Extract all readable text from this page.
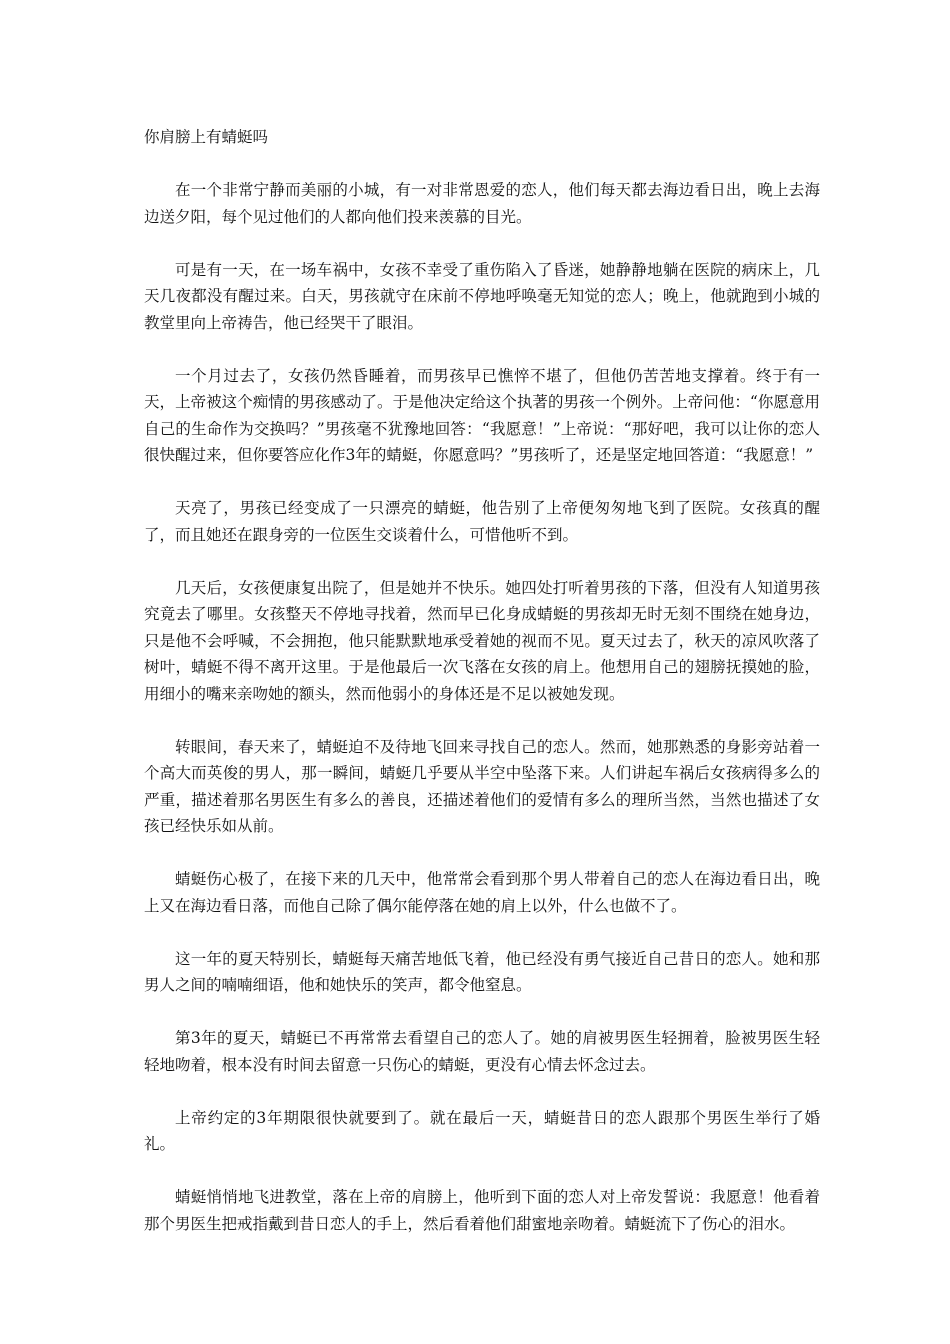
你肩膀上有蜻蜓吗

在一个非常宁静而美丽的小城，有一对非常恩爱的恋人，他们每天都去海边看日出，晚上去海边送夕阳，每个见过他们的人都向他们投来羡慕的目光。

可是有一天，在一场车祸中，女孩不幸受了重伤陷入了昏迷，她静静地躺在医院的病床上，几天几夜都没有醒过来。白天，男孩就守在床前不停地呼唤毫无知觉的恋人；晚上，他就跑到小城的教堂里向上帝祷告，他已经哭干了眼泪。

一个月过去了，女孩仍然昏睡着，而男孩早已憔悴不堪了，但他仍苦苦地支撑着。终于有一天，上帝被这个痴情的男孩感动了。于是他决定给这个执著的男孩一个例外。上帝问他：“你愿意用自己的生命作为交换吗？”男孩毫不犹豫地回答：“我愿意！”上帝说：“那好吧，我可以让你的恋人很快醒过来，但你要答应化作3年的蜻蜓，你愿意吗？”男孩听了，还是坚定地回答道：“我愿意！”

天亮了，男孩已经变成了一只漂亮的蜻蜓，他告别了上帝便匆匆地飞到了医院。女孩真的醒了，而且她还在跟身旁的一位医生交谈着什么，可惜他听不到。

几天后，女孩便康复出院了，但是她并不快乐。她四处打听着男孩的下落，但没有人知道男孩究竟去了哪里。女孩整天不停地寻找着，然而早已化身成蜻蜓的男孩却无时无刻不围绕在她身边，只是他不会呼喊，不会拥抱，他只能默默地承受着她的视而不见。夏天过去了，秋天的凉风吹落了树叶，蜻蜓不得不离开这里。于是他最后一次飞落在女孩的肩上。他想用自己的翅膀抚摸她的脸，用细小的嘴来亲吻她的额头，然而他弱小的身体还是不足以被她发现。

转眼间，春天来了，蜻蜓迫不及待地飞回来寻找自己的恋人。然而，她那熟悉的身影旁站着一个高大而英俊的男人，那一瞬间，蜻蜓几乎要从半空中坠落下来。人们讲起车祸后女孩病得多么的严重，描述着那名男医生有多么的善良，还描述着他们的爱情有多么的理所当然，当然也描述了女孩已经快乐如从前。

蜻蜓伤心极了，在接下来的几天中，他常常会看到那个男人带着自己的恋人在海边看日出，晚上又在海边看日落，而他自己除了偶尔能停落在她的肩上以外，什么也做不了。

这一年的夏天特别长，蜻蜓每天痛苦地低飞着，他已经没有勇气接近自己昔日的恋人。她和那男人之间的喃喃细语，他和她快乐的笑声，都令他窒息。

第3年的夏天，蜻蜓已不再常常去看望自己的恋人了。她的肩被男医生轻拥着，脸被男医生轻轻地吻着，根本没有时间去留意一只伤心的蜻蜓，更没有心情去怀念过去。

上帝约定的3年期限很快就要到了。就在最后一天，蜻蜓昔日的恋人跟那个男医生举行了婚礼。

蜻蜓悄悄地飞进教堂，落在上帝的肩膀上，他听到下面的恋人对上帝发誓说：我愿意！他看着那个男医生把戒指戴到昔日恋人的手上，然后看着他们甜蜜地亲吻着。蜻蜓流下了伤心的泪水。
